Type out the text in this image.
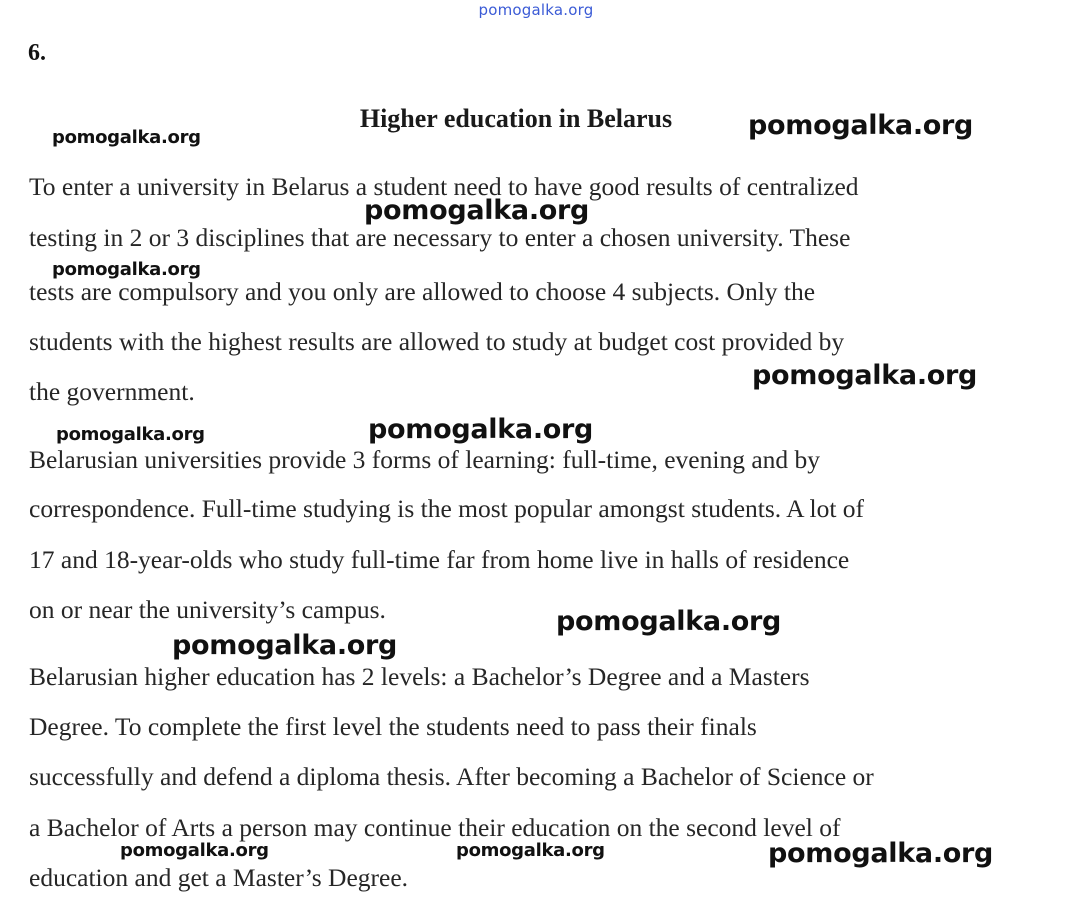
pomogalka.org
6.
Higher education in Belarus
To enter a university in Belarus a student need to have good results of centralized
testing in 2 or 3 disciplines that are necessary to enter a chosen university. These
tests are compulsory and you only are allowed to choose 4 subjects. Only the
students with the highest results are allowed to study at budget cost provided by
the government.
Belarusian universities provide 3 forms of learning: full-time, evening and by
correspondence. Full-time studying is the most popular amongst students. A lot of
17 and 18-year-olds who study full-time far from home live in halls of residence
on or near the university’s campus.
Belarusian higher education has 2 levels: a Bachelor’s Degree and a Masters
Degree. To complete the first level the students need to pass their finals
successfully and defend a diploma thesis. After becoming a Bachelor of Science or
a Bachelor of Arts a person may continue their education on the second level of
education and get a Master’s Degree.
pomogalka.org	pomogalka.org
pomogalka.org
pomogalka.org
pomogalka.org
pomogalka.org	pomogalka.org
pomogalka.org
pomogalka.org
pomogalka.org	pomogalka.org	pomogalka.org
